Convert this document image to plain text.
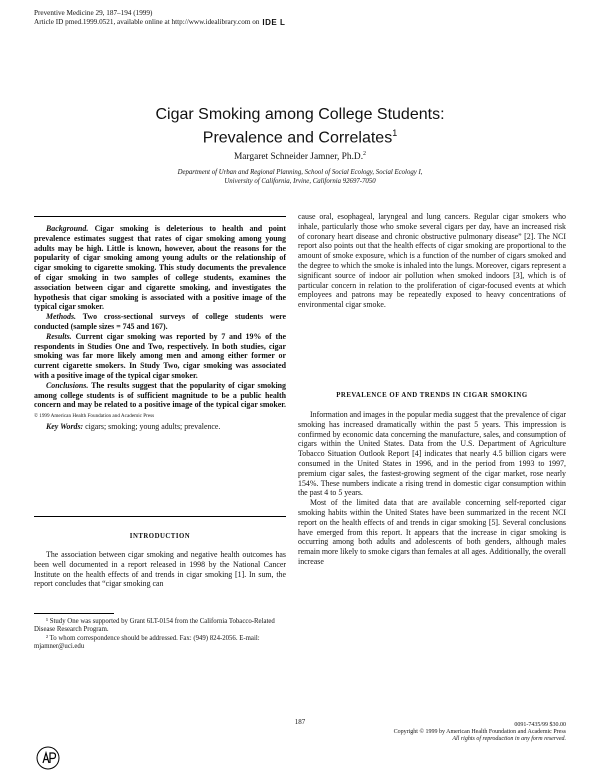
Preventive Medicine 29, 187–194 (1999)
Article ID pmed.1999.0521, available online at http://www.idealibrary.com on IDE L
Cigar Smoking among College Students:
Prevalence and Correlates$^1$
Margaret Schneider Jamner, Ph.D.$^2$
Department of Urban and Regional Planning, School of Social Ecology, Social Ecology I,
University of California, Irvine, California 92697-7050

Background. Cigar smoking is deleterious to health and point prevalence estimates suggest that rates of cigar smoking among young adults may be high. Little is known, however, about the reasons for the popularity of cigar smoking among young adults or the relationship of cigar smoking to cigarette smoking. This study documents the prevalence of cigar smoking in two samples of college students, examines the association between cigar and cigarette smoking, and investigates the hypothesis that cigar smoking is associated with a positive image of the typical cigar smoker.

Methods. Two cross-sectional surveys of college students were conducted (sample sizes = 745 and 167).

Results. Current cigar smoking was reported by 7 and 19% of the respondents in Studies One and Two, respectively. In both studies, cigar smoking was far more likely among men and among either former or current cigarette smokers. In Study Two, cigar smoking was associated with a positive image of the typical cigar smoker.

Conclusions. The results suggest that the popularity of cigar smoking among college students is of sufficient magnitude to be a public health concern and may be related to a positive image of the typical cigar smoker. © 1999 American Health Foundation and Academic Press

Key Words: cigars; smoking; young adults; prevalence.

INTRODUCTION

The association between cigar smoking and negative health outcomes has been well documented in a report released in 1998 by the National Cancer Institute on the health effects of and trends in cigar smoking [1]. In sum, the report concludes that “cigar smoking can

¹ Study One was supported by Grant 6LT-0154 from the California Tobacco-Related Disease Research Program.

² To whom correspondence should be addressed. Fax: (949) 824-2056. E-mail: mjamner@uci.edu

cause oral, esophageal, laryngeal and lung cancers. Regular cigar smokers who inhale, particularly those who smoke several cigars per day, have an increased risk of coronary heart disease and chronic obstructive pulmonary disease” [2]. The NCI report also points out that the health effects of cigar smoking are proportional to the amount of smoke exposure, which is a function of the number of cigars smoked and the degree to which the smoke is inhaled into the lungs. Moreover, cigars represent a significant source of indoor air pollution when smoked indoors [3], which is of particular concern in relation to the proliferation of cigar-focused events at which employees and patrons may be repeatedly exposed to heavy concentrations of environmental cigar smoke.

PREVALENCE OF AND TRENDS IN CIGAR SMOKING

Information and images in the popular media suggest that the prevalence of cigar smoking has increased dramatically within the past 5 years. This impression is confirmed by economic data concerning the manufacture, sales, and consumption of cigars within the United States. Data from the U.S. Department of Agriculture Tobacco Situation Outlook Report [4] indicates that nearly 4.5 billion cigars were consumed in the United States in 1996, and in the period from 1993 to 1997, premium cigar sales, the fastest-growing segment of the cigar market, rose nearly 154%. These numbers indicate a rising trend in domestic cigar consumption within the past 4 to 5 years.

Most of the limited data that are available concerning self-reported cigar smoking habits within the United States have been summarized in the recent NCI report on the health effects of and trends in cigar smoking [5]. Several conclusions have emerged from this report. It appears that the increase in cigar smoking is occurring among both adults and adolescents of both genders, although males remain more likely to smoke cigars than females at all ages. Additionally, the overall increase

187	0091-7435/99 $30.00
Copyright © 1999 by American Health Foundation and Academic Press
All rights of reproduction in any form reserved.
